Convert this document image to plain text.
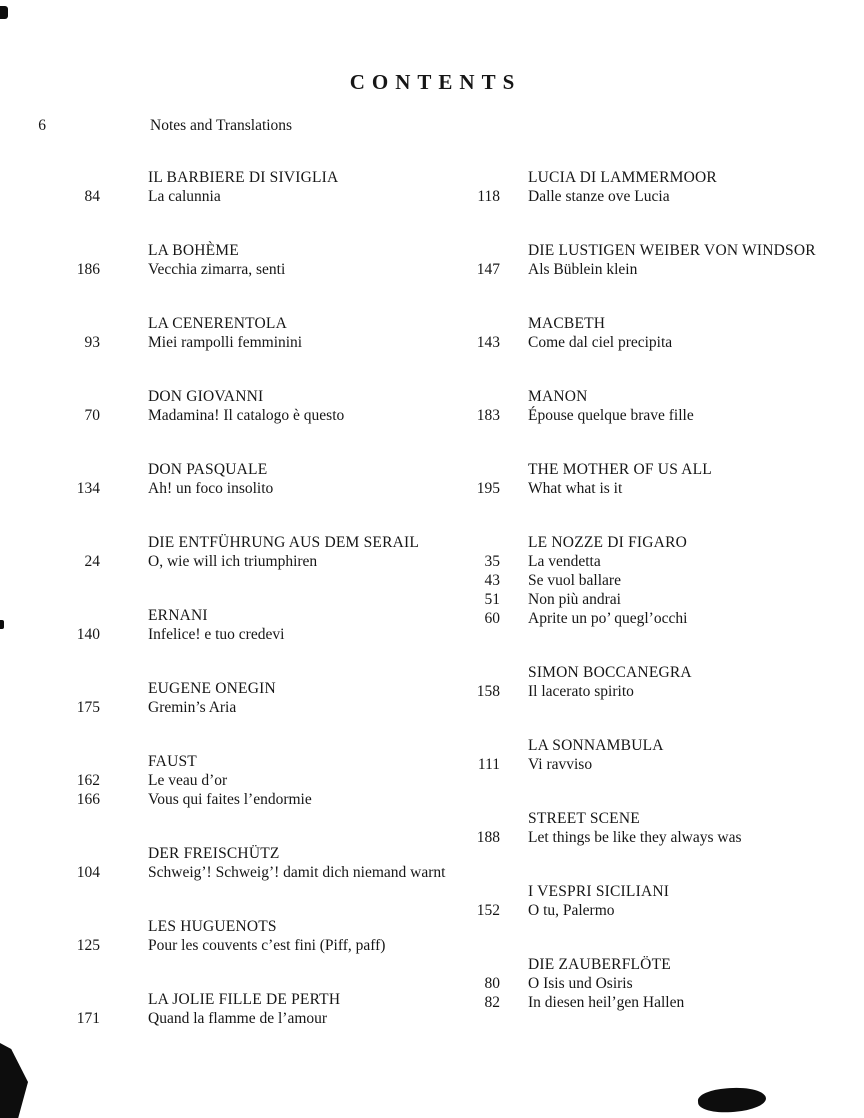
CONTENTS
6	Notes and Translations
IL BARBIERE DI SIVIGLIA
84	La calunnia
LA BOHÈME
186	Vecchia zimarra, senti
LA CENERENTOLA
93	Miei rampolli femminini
DON GIOVANNI
70	Madamina! Il catalogo è questo
DON PASQUALE
134	Ah! un foco insolito
DIE ENTFÜHRUNG AUS DEM SERAIL
24	O, wie will ich triumphiren
ERNANI
140	Infelice! e tuo credevi
EUGENE ONEGIN
175	Gremin’s Aria
FAUST
162	Le veau d’or
166	Vous qui faites l’endormie
DER FREISCHÜTZ
104	Schweig’! Schweig’! damit dich niemand warnt
LES HUGUENOTS
125	Pour les couvents c’est fini (Piff, paff)
LA JOLIE FILLE DE PERTH
171	Quand la flamme de l’amour
LUCIA DI LAMMERMOOR
118 Dalle stanze ove Lucia
DIE LUSTIGEN WEIBER VON WINDSOR
147 Als Büblein klein
MACBETH
143 Come dal ciel precipita
MANON
183 Épouse quelque brave fille
THE MOTHER OF US ALL
195 What what is it
LE NOZZE DI FIGARO
35 La vendetta
43 Se vuol ballare
51 Non più andrai
60 Aprite un po’ quegl’occhi
SIMON BOCCANEGRA
158 Il lacerato spirito
LA SONNAMBULA
111 Vi ravviso
STREET SCENE
188 Let things be like they always was
I VESPRI SICILIANI
152 O tu, Palermo
DIE ZAUBERFLÖTE
80 O Isis und Osiris
82 In diesen heil’gen Hallen
